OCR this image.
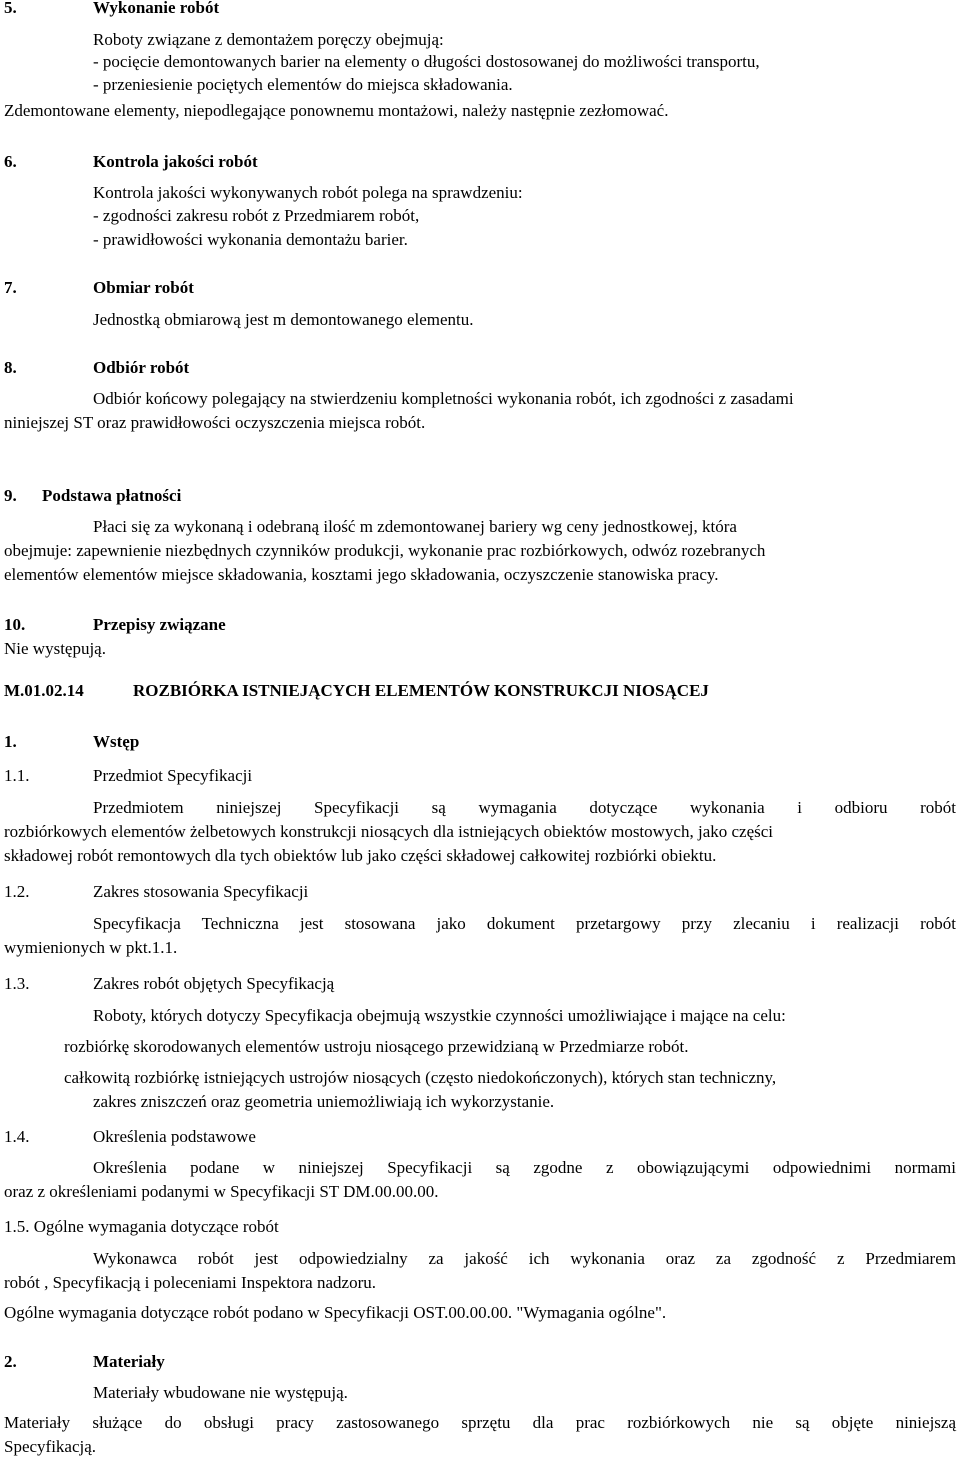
5.	Wykonanie robót
Roboty związane z demontażem poręczy obejmują:
- pocięcie demontowanych barier na elementy o długości dostosowanej do możliwości transportu,
- przeniesienie pociętych elementów do miejsca składowania.
Zdemontowane elementy, niepodlegające ponownemu montażowi, należy następnie zezłomować.
6.	Kontrola jakości robót
Kontrola jakości wykonywanych robót polega na sprawdzeniu:
- zgodności zakresu robót z Przedmiarem robót,
- prawidłowości wykonania demontażu barier.
7.	Obmiar robót
Jednostką obmiarową jest m demontowanego elementu.
8.	Odbiór robót
Odbiór końcowy polegający na stwierdzeniu kompletności wykonania robót, ich zgodności z zasadami
niniejszej ST oraz prawidłowości oczyszczenia miejsca robót.
9. Podstawa płatności
Płaci się za wykonaną i odebraną ilość m zdemontowanej bariery wg ceny jednostkowej, która
obejmuje: zapewnienie niezbędnych czynników produkcji, wykonanie prac rozbiórkowych, odwóz rozebranych
elementów elementów miejsce składowania, kosztami jego składowania, oczyszczenie stanowiska pracy.
10.	Przepisy związane
Nie występują.
M.01.02.14	ROZBIÓRKA ISTNIEJĄCYCH ELEMENTÓW KONSTRUKCJI NIOSĄCEJ
1.	Wstęp
1.1.	Przedmiot Specyfikacji
Przedmiotem niniejszej Specyfikacji są wymagania dotyczące wykonania i odbioru robót
rozbiórkowych elementów żelbetowych konstrukcji niosących dla istniejących obiektów mostowych, jako części
składowej robót remontowych dla tych obiektów lub jako części składowej całkowitej rozbiórki obiektu.
1.2.	Zakres stosowania Specyfikacji
Specyfikacja Techniczna jest stosowana jako dokument przetargowy przy zlecaniu i realizacji robót
wymienionych w pkt.1.1.
1.3.	Zakres robót objętych Specyfikacją
Roboty, których dotyczy Specyfikacja obejmują wszystkie czynności umożliwiające i mające na celu:
rozbiórkę skorodowanych elementów ustroju niosącego przewidzianą w Przedmiarze robót.
całkowitą rozbiórkę istniejących ustrojów niosących (często niedokończonych), których stan techniczny,
zakres zniszczeń oraz geometria uniemożliwiają ich wykorzystanie.
1.4.	Określenia podstawowe
Określenia podane w niniejszej Specyfikacji są zgodne z obowiązującymi odpowiednimi normami
oraz z określeniami podanymi w Specyfikacji ST DM.00.00.00.
1.5. Ogólne wymagania dotyczące robót
Wykonawca robót jest odpowiedzialny za jakość ich wykonania oraz za zgodność z Przedmiarem
robót , Specyfikacją i poleceniami Inspektora nadzoru.
Ogólne wymagania dotyczące robót podano w Specyfikacji OST.00.00.00. "Wymagania ogólne".
2.	Materiały
Materiały wbudowane nie występują.
Materiały służące do obsługi pracy zastosowanego sprzętu dla prac rozbiórkowych nie są objęte niniejszą
Specyfikacją.
